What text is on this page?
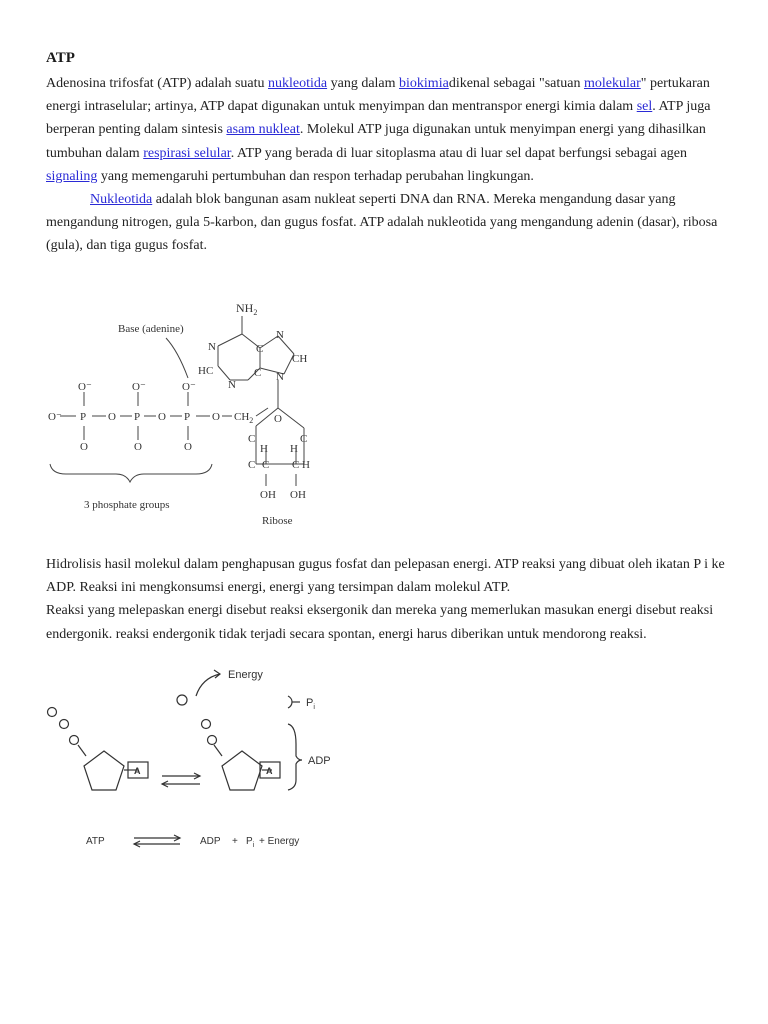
ATP

Adenosina trifosfat (ATP) adalah suatu nukleotida yang dalam biokimiadikenal sebagai "satuan molekular" pertukaran energi intraselular; artinya, ATP dapat digunakan untuk menyimpan dan mentranspor energi kimia dalam sel. ATP juga berperan penting dalam sintesis asam nukleat. Molekul ATP juga digunakan untuk menyimpan energi yang dihasilkan tumbuhan dalam respirasi selular. ATP yang berada di luar sitoplasma atau di luar sel dapat berfungsi sebagai agen signaling yang memengaruhi pertumbuhan dan respon terhadap perubahan lingkungan.

Nukleotida adalah blok bangunan asam nukleat seperti DNA dan RNA. Mereka mengandung dasar yang mengandung nitrogen, gula 5-karbon, dan gugus fosfat. ATP adalah nukleotida yang mengandung adenin (dasar), ribosa (gula), dan tiga gugus fosfat.

$NH_2$
Base (adenine)
N	C
N
CH
HC	C
N
N
O⁻	O⁻	O⁻
O⁻ P O P O P O $CH_2$
O	O	O
O
C	C
H H
C C C H
OH OH
3 phosphate groups
Ribose

Hidrolisis hasil molekul dalam penghapusan gugus fosfat dan pelepasan energi. ATP reaksi yang dibuat oleh ikatan P i ke ADP. Reaksi ini mengkonsumsi energi, energi yang tersimpan dalam molekul ATP.

Reaksi yang melepaskan energi disebut reaksi eksergonik dan mereka yang memerlukan masukan energi disebut reaksi endergonik. reaksi endergonik tidak terjadi secara spontan, energi harus diberikan untuk mendorong reaksi.

A	A
Energy
$P_i$
ADP
ATP	ADP + $P_i$ + Energy
